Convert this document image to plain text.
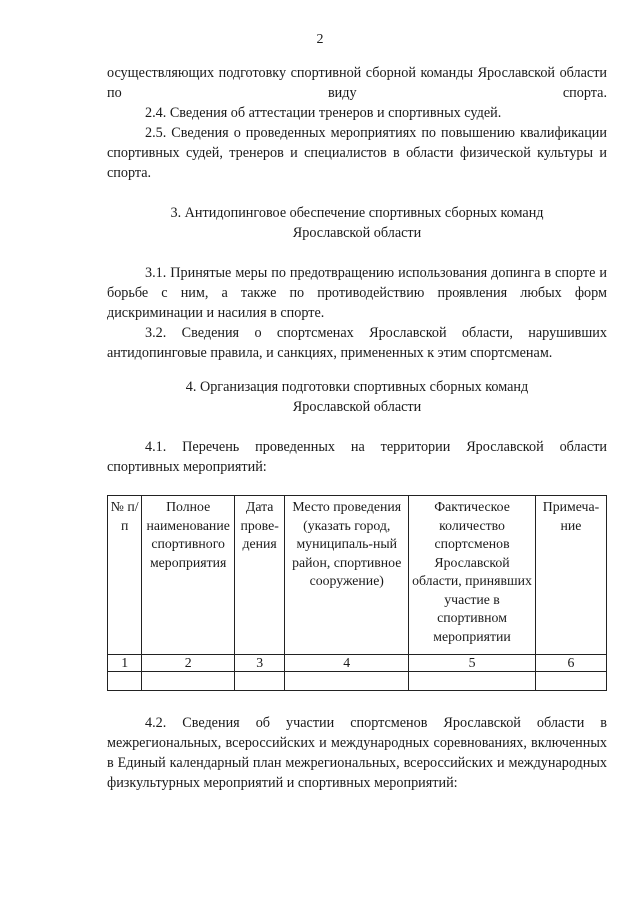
2

осуществляющих подготовку спортивной сборной команды Ярославской области по виду спорта.

2.4. Сведения об аттестации тренеров и спортивных судей.

2.5. Сведения о проведенных мероприятиях по повышению квалификации спортивных судей, тренеров и специалистов в области физической культуры и спорта.

3. Антидопинговое обеспечение спортивных сборных команд
Ярославской области

3.1. Принятые меры по предотвращению использования допинга в спорте и борьбе с ним, а также по противодействию проявления любых форм дискриминации и насилия в спорте.

3.2. Сведения о спортсменах Ярославской области, нарушивших антидопинговые правила, и санкциях, примененных к этим спортсменам.

4. Организация подготовки спортивных сборных команд
Ярославской области

4.1. Перечень проведенных на территории Ярославской области спортивных мероприятий:

№ п/п	Полное наименование спортивного мероприятия	Дата прове-дения	Место проведения (указать город, муниципаль-ный район, спортивное сооружение)	Фактическое количество спортсменов Ярославской области, принявших участие в спортивном мероприятии	Примеча-ние
1	2	3	4	5	6

4.2. Сведения об участии спортсменов Ярославской области в межрегиональных, всероссийских и международных соревнованиях, включенных в Единый календарный план межрегиональных, всероссийских и международных физкультурных мероприятий и спортивных мероприятий:
